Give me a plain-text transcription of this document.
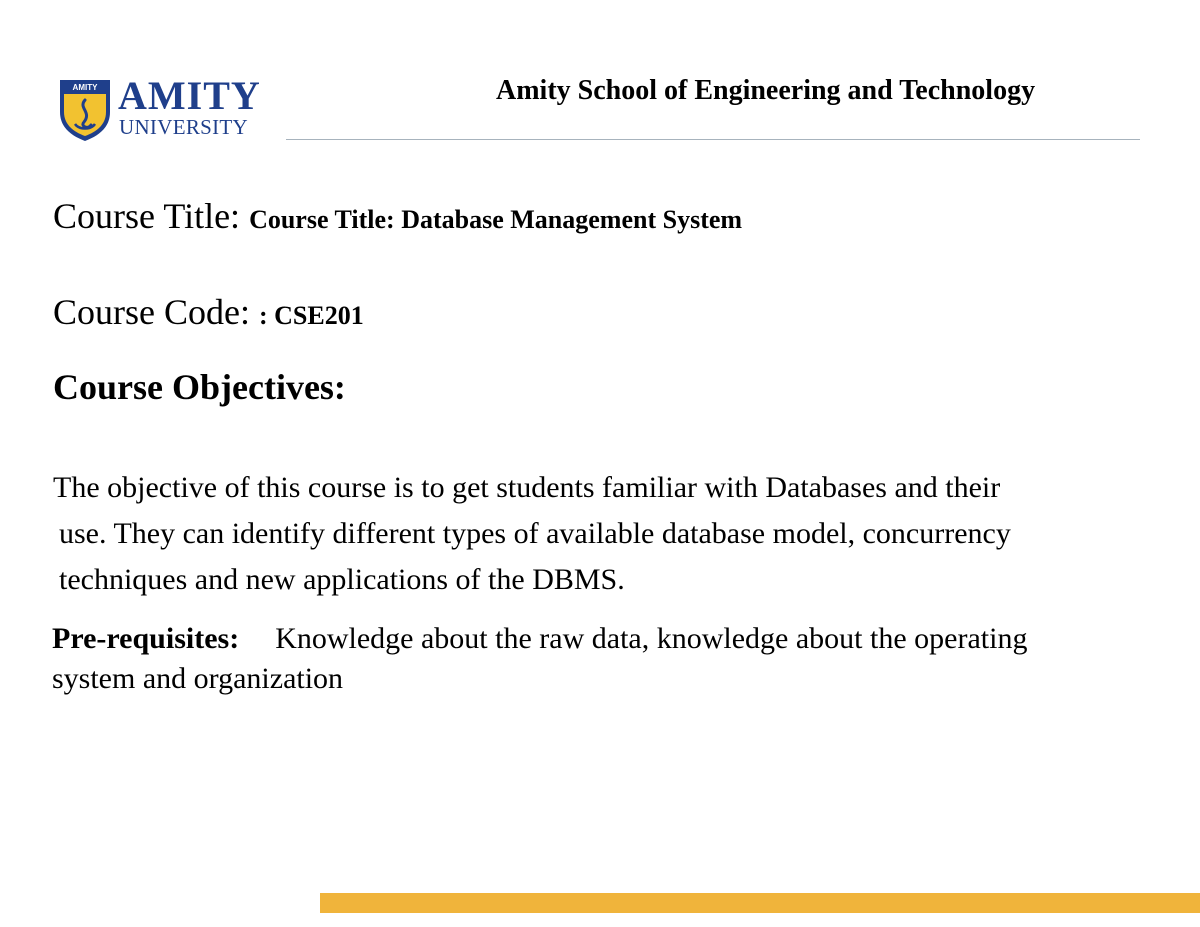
AMITY AMITY
UNIVERSITY
Amity School of Engineering and Technology
Course Title: Course Title: Database Management System
Course Code: : CSE201
Course Objectives:

The objective of this course is to get students familiar with Databases and their
use. They can identify different types of available database model, concurrency
techniques and new applications of the DBMS.

Pre-requisites: Knowledge about the raw data, knowledge about the operating
system and organization
